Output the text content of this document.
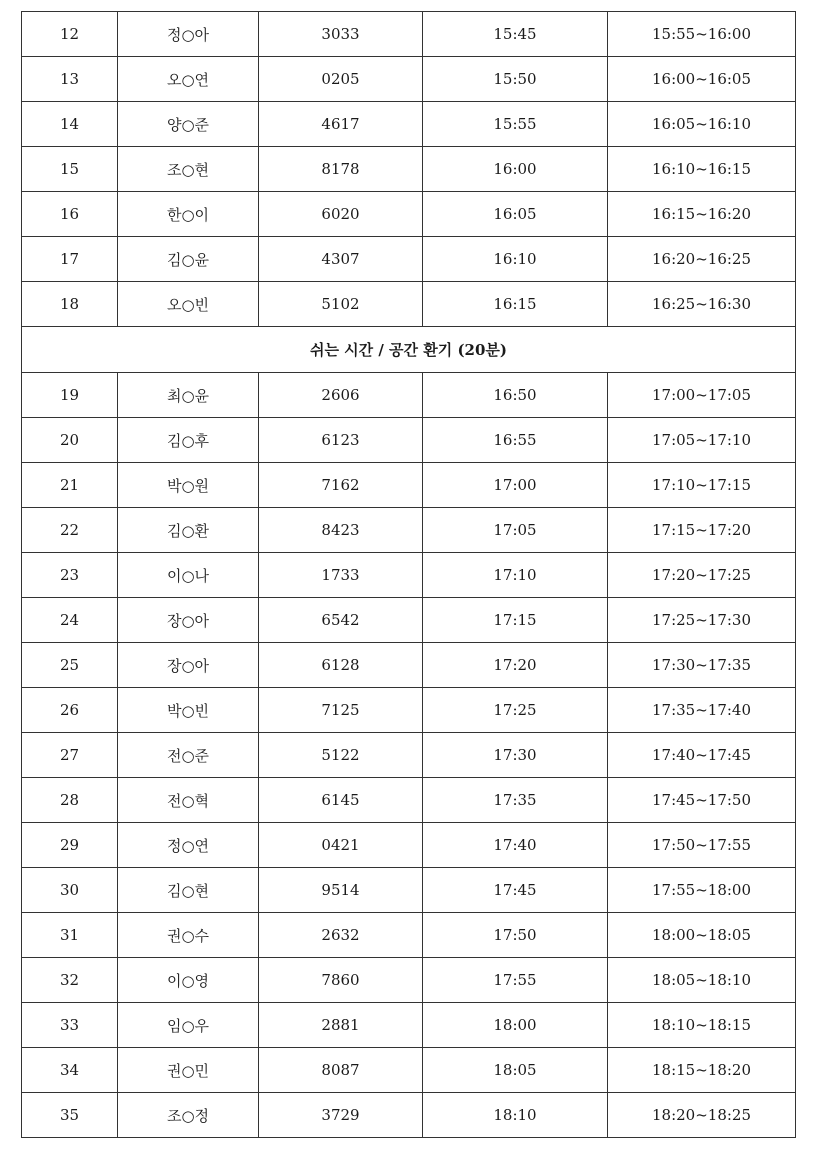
12	정○아	3033	15:45	15:55~16:00
13	오○연	0205	15:50	16:00~16:05
14	양○준	4617	15:55	16:05~16:10
15	조○현	8178	16:00	16:10~16:15
16	한○이	6020	16:05	16:15~16:20
17	김○윤	4307	16:10	16:20~16:25
18	오○빈	5102	16:15	16:25~16:30
쉬는 시간 / 공간 환기 (20분)				
19	최○윤	2606	16:50	17:00~17:05
20	김○후	6123	16:55	17:05~17:10
21	박○원	7162	17:00	17:10~17:15
22	김○환	8423	17:05	17:15~17:20
23	이○나	1733	17:10	17:20~17:25
24	장○아	6542	17:15	17:25~17:30
25	장○아	6128	17:20	17:30~17:35
26	박○빈	7125	17:25	17:35~17:40
27	전○준	5122	17:30	17:40~17:45
28	전○혁	6145	17:35	17:45~17:50
29	정○연	0421	17:40	17:50~17:55
30	김○현	9514	17:45	17:55~18:00
31	권○수	2632	17:50	18:00~18:05
32	이○영	7860	17:55	18:05~18:10
33	임○우	2881	18:00	18:10~18:15
34	권○민	8087	18:05	18:15~18:20
35	조○정	3729	18:10	18:20~18:25
